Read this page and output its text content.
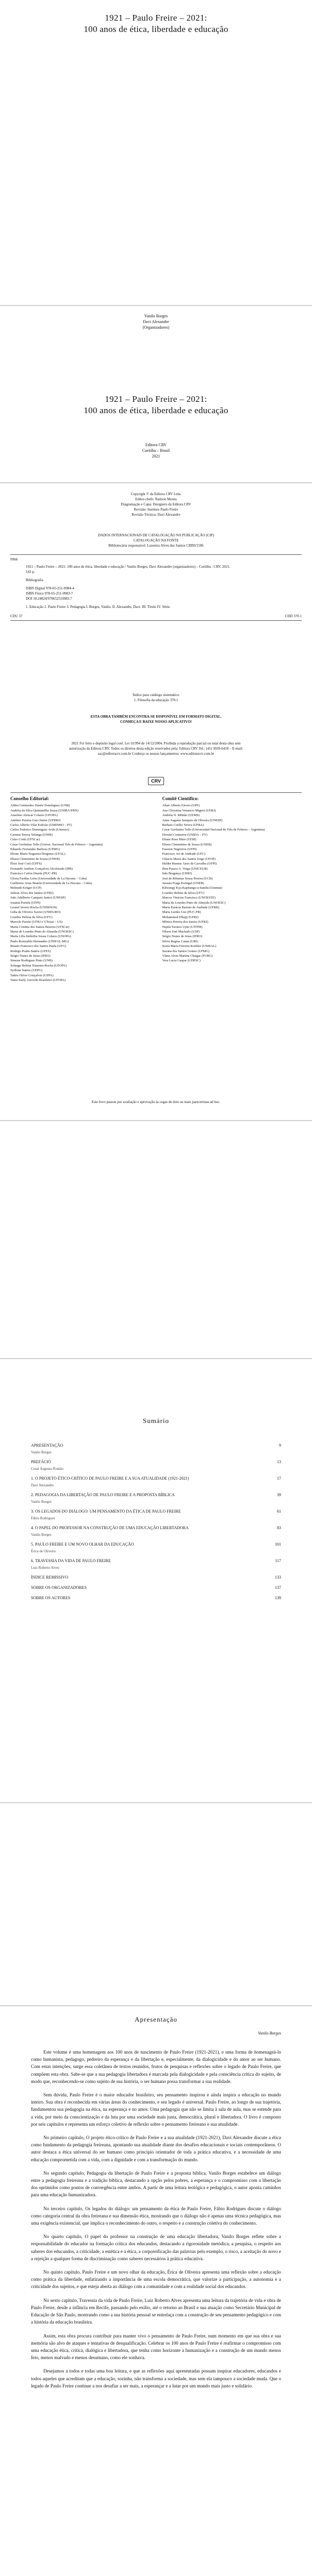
1921 – Paulo Freire – 2021:
100 anos de ética, liberdade e educação
Vanilo Borges
Davi Alexandre
(Organizadores)
1921 – Paulo Freire – 2021:
100 anos de ética, liberdade e educação
Editora CRV
Curitiba – Brasil
2021
Copyright © da Editora CRV Ltda.
Editor-chefe: Railson Moura
Diagramação e Capa: Designers da Editora CRV
Revisão: Instituto Paulo Freire
Revisão Técnica: Davi Alexandre
DADOS INTERNACIONAIS DE CATALOGAÇÃO NA PUBLICAÇÃO (CIP)
CATALOGAÇÃO NA FONTE
Bibliotecária responsável: Luzenira Alves dos Santos CRB9/1506
F866
1921 – Paulo Freire – 2021: 100 anos de ética, liberdade e educação / Vanilo Borges, Davi Alexandre (organizadores) – Curitiba : CRV, 2021.
142 p.
Bibliografia
ISBN Digital 978-65-251-0984-4
ISBN Físico 978-65-251-0983-7
DOI 10.24824/978652510983.7
1. Educação 2. Paulo Freire 3. Pedagogia I. Borges, Vanilo. II. Alexandre, Davi. III. Título IV. Série.
CDU 37	CDD 370.1
Índice para catálogo sistemático
1. Filosofia da educação 370.1
ESTA OBRA TAMBÉM ENCONTRA-SE DISPONÍVEL EM FORMATO DIGITAL.
CONHEÇA E BAIXE NOSSO APLICATIVO!
2021 Foi feito o depósito legal conf. Lei 10.994 de 14/12/2004. Proibida a reprodução parcial ou total desta obra sem autorização da Editora CRV. Todos os direitos desta edição reservados pela: Editora CRV Tel.: (41) 3039-6418 – E-mail: sac@editoracrv.com.br Conheça os nossos lançamentos: www.editoracrv.com.br
CRV
Conselho Editorial:
Aldira Guimarães Duarte Domínguez (UNB)
Andréia da Silva Quintanilha Sousa (UNIR/UFRN)
Anselmo Alencar Colares (UFOPA)
Antônio Pereira Gaio Júnior (UFRRJ)
Carlos Alberto Vilar Estêvão (UMINHO – PT)
Carlos Federico Dominguez Avila (Unieuro)
Carmen Tereza Velanga (UNIR)
Celso Conti (UFSCar)
Cesar Gerônimo Tello (Univer. Nacional Três de Febrero – Argentina)
Eduardo Fernandes Barbosa (UFMG)
Elione Maria Nogueira Diogenes (UFAL)
Elizeu Clementino de Souza (UNEB)
Élsio José Corá (UFFS)
Fernando Antônio Gonçalves Alcoforado (IPB)
Francisco Carlos Duarte (PUC-PR)
Gloria Fariñas León (Universidade de La Havana – Cuba)
Guillermo Arias Beatón (Universidade de La Havana – Cuba)
Helmuth Krüger (UCP)
Jailson Alves dos Santos (UFRJ)
João Adalberto Campato Junior (UNESP)
Josania Portela (UFPI)
Leonel Severo Rocha (UNISINOS)
Lídia de Oliveira Xavier (UNIEURO)
Lourdes Helena da Silva (UFV)
Marcelo Paixão (UFRJ e UTexas – US)
Maria Cristina dos Santos Bezerra (UFSCar)
Maria de Lourdes Pinto de Almeida (UNOESC)
Maria Lília Imbiriba Sousa Colares (UNOPA)
Paulo Romualdo Hernandes (UNIFAL-MG)
Renato Francisco dos Santos Paula (UFG)
Rodrigo Pratte-Santos (UFES)
Sérgio Nunes de Jesus (IFRO)
Simone Rodrigues Pinto (UNB)
Solange Helena Ximenes-Rocha (UFOPA)
Sydione Santos (UEPG)
Tadeu Oliver Gonçalves (UFPA)
Tania Suely Azevedo Brasileiro (UFOPA)
Comitê Científico:
Altair Alberto Fávero (UPF)
Ana Chrystina Venancio Mignot (UERJ)
Andréia N. Militão (UEMS)
Anna Augusta Sampaio de Oliveira (UNESP)
Barbara Coelho Neves (UFBA)
Cesar Gerônimo Tello (Universidad Nacional de Três de Febrero – Argentina)
Diosnel Centurion (UNIDA – PY)
Eliane Rose Maio (UEM)
Elizeu Clementino de Souza (UNEB)
Fauston Negreiros (UFPI)
Francisco Ari de Andrade (UFC)
Gláucia Maria dos Santos Jorge (UFOP)
Helder Buenos Aires de Carvalho (UFPI)
Ilma Passos A. Veiga (UNICEUB)
Inês Bragança (UERJ)
José de Ribamar Sousa Pereira (UCB)
Jussara Fraga Portugal (UNEB)
Kilwangy Kya Kapitango-a-Samba (Unemat)
Lourdes Helena da Silva (UFV)
Marcos Vinicius Francisco (UNOESTE)
Maria de Lourdes Pinto de Almeida (UNOESC)
Maria Eurácia Barreto de Andrade (UFRB)
Maria Lurdes Gisi (PUC-PR)
Mohammed Elhajji (UFRJ)
Mônica Pereira dos Santos (UFRJ)
Najela Tavares Ujiie (UTFPR)
Nilson José Machado (USP)
Sérgio Nunes de Jesus (IFRO)
Silvia Regina Canan (URI)
Sonia Maria Ferreira Koehler (UNISAL)
Suzana dos Santos Gomes (UFMG)
Vânia Alves Martins Chaigar (FURG)
Vera Lucia Gaspar (UDESC)
Este livro passou por avaliação e aprovação às cegas de dois ou mais pareceristas ad hoc.
Sumário
APRESENTAÇÃO	9
Vanilo Borges
PREFÁCIO	13
Cesar Augusto Romão
1. O PROJETO ÉTICO-CRÍTICO DE PAULO FREIRE E A SUA ATUALIDADE (1921-2021)	17
Davi Alexandre
2. PEDAGOGIA DA LIBERTAÇÃO DE PAULO FREIRE E A PROPOSTA BÍBLICA	39
Vanilo Borges
3. OS LEGADOS DO DIÁLOGO: UM PENSAMENTO DA ÉTICA DE PAULO FREIRE	61
Fábio Rodrigues
4. O PAPEL DO PROFESSOR NA CONSTRUÇÃO DE UMA EDUCAÇÃO LIBERTADORA	83
Vanilo Borges
5. PAULO FREIRE E UM NOVO OLHAR DA EDUCAÇÃO	101
Érica de Oliveira
6. TRAVESSIA DA VIDA DE PAULO FREIRE	117
Luiz Roberto Alves
ÍNDICE REMISSIVO	133
SOBRE OS ORGANIZADORES	137
SOBRE OS AUTORES	139
Apresentação
Vanilo Borges

Este volume é uma homenagem aos 100 anos de nascimento de Paulo Freire (1921-2021), e uma forma de homenageá-lo como humanista, pedagogo, pedreiro da esperança e da libertação e, especialmente, da dialogicidade e do amor ao ser humano. Com estas intenções, surge essa coletânea de textos reunidos, frutos de pesquisas e reflexões sobre o legado de Paulo Freire, que compõem esta obra. Sabe-se que a sua pedagogia libertadora é marcada pela dialogicidade e pela consciência crítica do sujeito, de modo que, reconhecendo-se como sujeito de sua história, o ser humano possa transformar a sua realidade.

Sem dúvida, Paulo Freire é o maior educador brasileiro, seu pensamento inspirou e ainda inspira a educação no mundo inteiro. Sua obra é reconhecida em várias áreas do conhecimento, e seu legado é universal. Paulo Freire, ao longo de sua trajetória, fundamentou sua pedagogia na ética, na esperança e no amor. Uma pedagogia que não se limita à sala de aula, mas se estende para a vida, por meio da conscientização e da luta por uma sociedade mais justa, democrática, plural e libertadora. O livro é composto por seis capítulos e representa um esforço coletivo de reflexão sobre o pensamento freireano e sua atualidade.

No primeiro capítulo, O projeto ético-crítico de Paulo Freire e a sua atualidade (1921-2021), Davi Alexandre discute a ética como fundamento da pedagogia freireana, apontando sua atualidade diante dos desafios educacionais e sociais contemporâneos. O autor destaca a ética universal do ser humano como princípio orientador de toda a prática educativa, e a necessidade de uma educação comprometida com a vida, com a dignidade e com a transformação do mundo.

No segundo capítulo, Pedagogia da libertação de Paulo Freire e a proposta bíblica, Vanilo Borges estabelece um diálogo entre a pedagogia freireana e a tradição bíblica, destacando a opção pelos pobres, a esperança e o compromisso com a libertação dos oprimidos como pontos de convergência entre ambos. A partir de uma leitura teológica e pedagógica, o autor aponta caminhos para uma educação humanizadora.

No terceiro capítulo, Os legados do diálogo: um pensamento da ética de Paulo Freire, Fábio Rodrigues discute o diálogo como categoria central da obra freireana e sua dimensão ética, mostrando que o diálogo não é apenas uma técnica pedagógica, mas uma exigência existencial, que implica o reconhecimento do outro, o respeito e a construção coletiva do conhecimento.

No quarto capítulo, O papel do professor na construção de uma educação libertadora, Vanilo Borges reflete sobre a responsabilidade do educador na formação crítica dos educandos, destacando a rigorosidade metódica, a pesquisa, o respeito aos saberes dos educandos, a criticidade, a estética e a ética, a corporeificação das palavras pelo exemplo, o risco, a aceitação do novo e a rejeição a qualquer forma de discriminação como saberes necessários à prática educativa.

No quinto capítulo, Paulo Freire e um novo olhar da educação, Érica de Oliveira apresenta uma reflexão sobre a educação como prática da liberdade, enfatizando a importância de uma escola democrática, que valorize a participação, a autonomia e a criticidade dos sujeitos, e que esteja aberta ao diálogo com a comunidade e com a realidade social dos educandos.

No sexto capítulo, Travessia da vida de Paulo Freire, Luiz Roberto Alves apresenta uma leitura da trajetória de vida e obra de Paulo Freire, desde a infância em Recife, passando pelo exílio, até o retorno ao Brasil e sua atuação como Secretário Municipal de Educação de São Paulo, mostrando como a sua história pessoal se entrelaça com a construção de seu pensamento pedagógico e com a história da educação brasileira.

Assim, esta obra procura contribuir para manter vivo o pensamento de Paulo Freire, num momento em que sua obra e sua memória são alvo de ataques e tentativas de desqualificação. Celebrar os 100 anos de Paulo Freire é reafirmar o compromisso com uma educação ética, crítica, dialógica e libertadora, que tenha como horizonte a humanização e a construção de um mundo menos feio, menos malvado e menos desumano, como ele sonhava.

Desejamos a todos e todas uma boa leitura, e que as reflexões aqui apresentadas possam inspirar educadores, educandos e todos aqueles que acreditam que a educação, sozinha, não transforma a sociedade, mas sem ela tampouco a sociedade muda. Que o legado de Paulo Freire continue a nos desafiar a ser mais, a esperançar e a lutar por um mundo mais justo e solidário.
